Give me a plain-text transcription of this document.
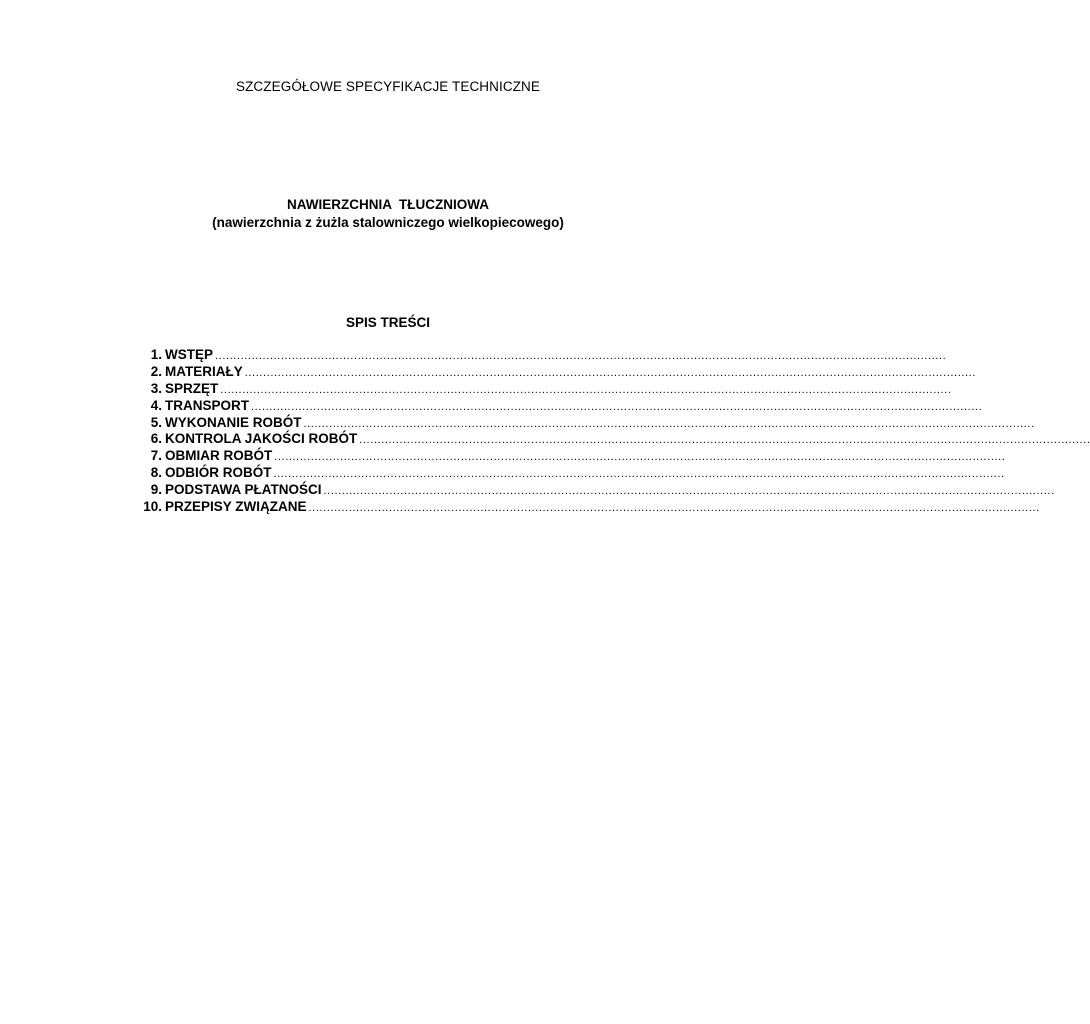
SZCZEGÓŁOWE SPECYFIKACJE TECHNICZNE
NAWIERZCHNIA  TŁUCZNIOWA
(nawierzchnia z żużla stalowniczego wielkopiecowego)
SPIS TREŚCI
1. WSTĘP ........................................................................................................................................................................................................
2. MATERIAŁY ........................................................................................................................................................................................................
3. SPRZĘT ........................................................................................................................................................................................................
4. TRANSPORT ........................................................................................................................................................................................................
5. WYKONANIE ROBÓT ........................................................................................................................................................................................................
6. KONTROLA JAKOŚCI ROBÓT ........................................................................................................................................................................................................
7. OBMIAR ROBÓT ........................................................................................................................................................................................................
8. ODBIÓR ROBÓT ........................................................................................................................................................................................................
9. PODSTAWA PŁATNOŚCI ........................................................................................................................................................................................................
10. PRZEPISY ZWIĄZANE ........................................................................................................................................................................................................
